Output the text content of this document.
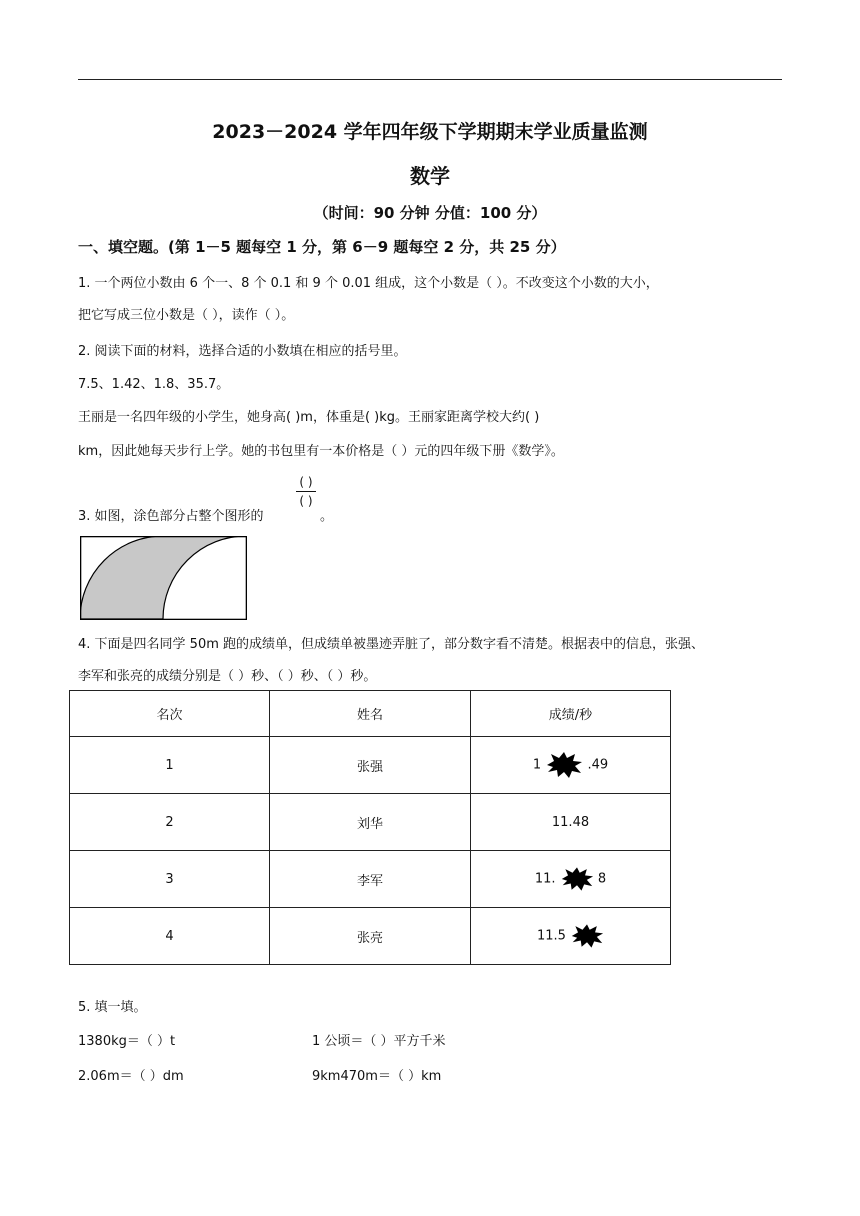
2023－2024 学年四年级下学期期末学业质量监测
数学
（时间：90 分钟 分值：100 分）
一、填空题。(第 1－5 题每空 1 分，第 6－9 题每空 2 分，共 25 分）
1. 一个两位小数由 6 个一、8 个 0.1 和 9 个 0.01 组成，这个小数是（ ）。不改变这个小数的大小，
把它写成三位小数是（ ），读作（ ）。
2. 阅读下面的材料，选择合适的小数填在相应的括号里。
7.5、1.42、1.8、35.7。
王丽是一名四年级的小学生，她身高( )m，体重是( )kg。王丽家距离学校大约( )
km，因此她每天步行上学。她的书包里有一本价格是（ ）元的四年级下册《数学》。
3. 如图，涂色部分占整个图形的
( )
( )
。
4. 下面是四名同学 50m 跑的成绩单，但成绩单被墨迹弄脏了，部分数字看不清楚。根据表中的信息，张强、
李军和张亮的成绩分别是（ ）秒、（ ）秒、（ ）秒。
名次	姓名	成绩/秒
1	张强	1 .49
2	刘华	11.48
3	李军	11. 8
4	张亮	11.5
5. 填一填。
1380kg＝（ ）t	1 公顷＝（ ）平方千米
2.06m＝（ ）dm	9km470m＝（ ）km
